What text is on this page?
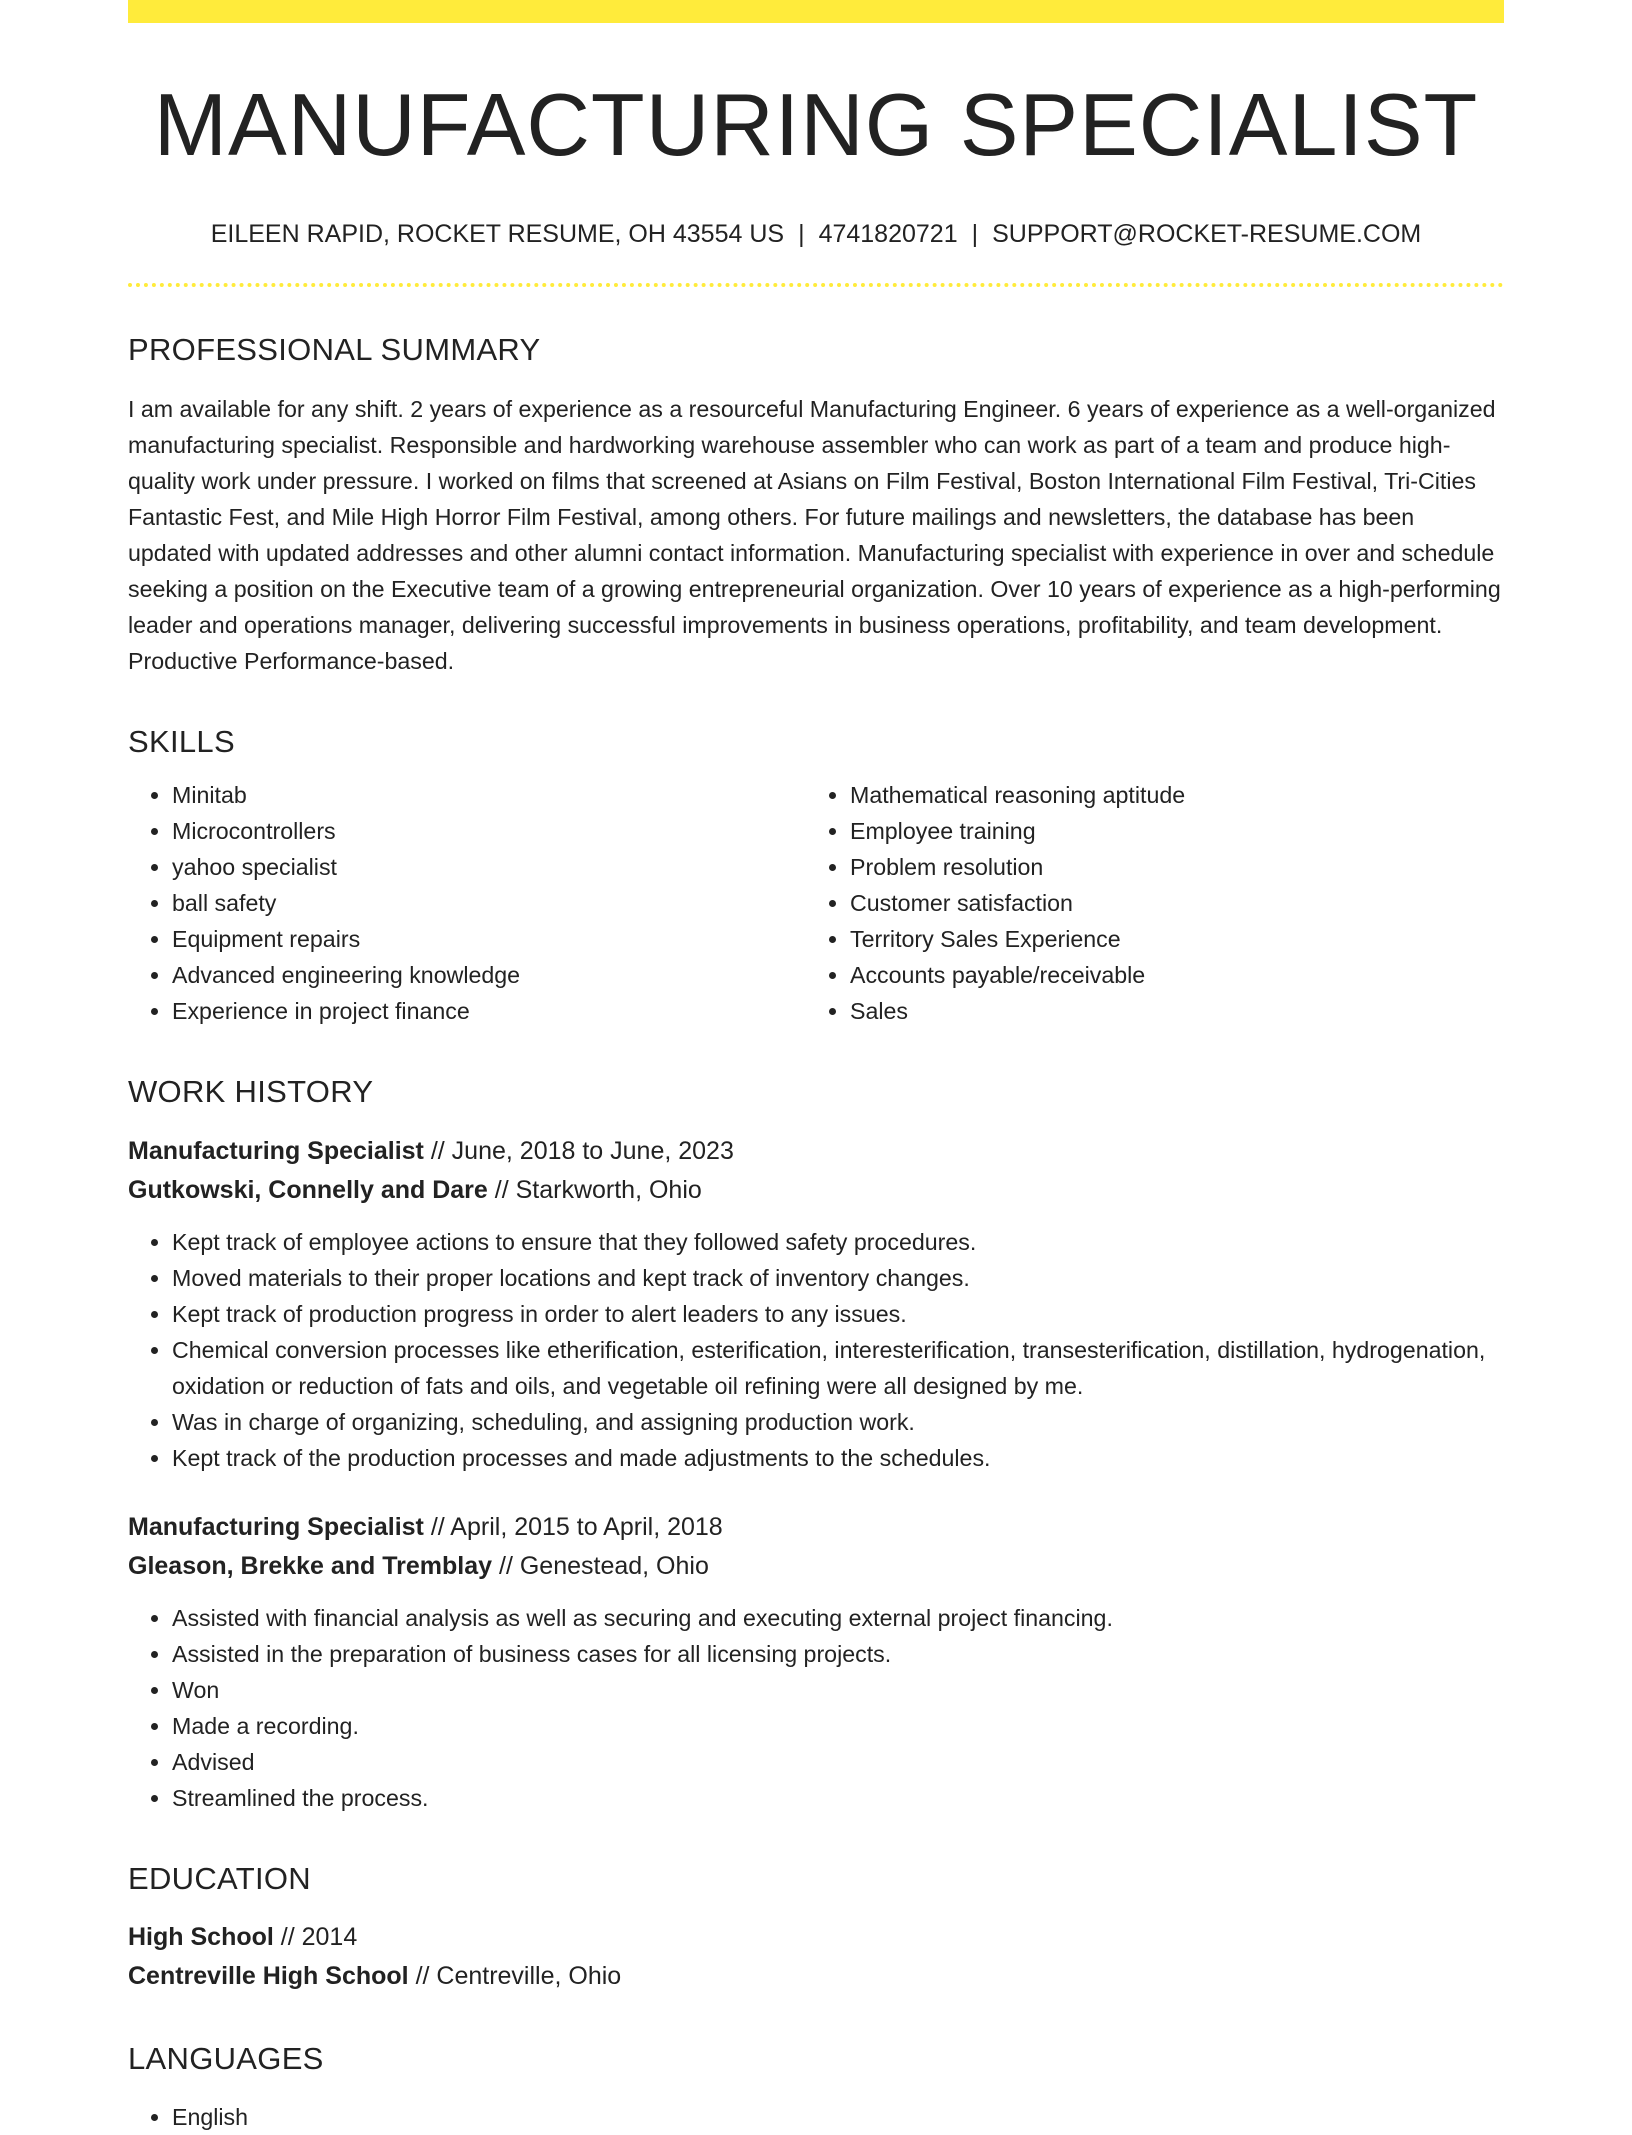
MANUFACTURING SPECIALIST
EILEEN RAPID, ROCKET RESUME, OH 43554 US | 4741820721 | SUPPORT@ROCKET-RESUME.COM
PROFESSIONAL SUMMARY
I am available for any shift. 2 years of experience as a resourceful Manufacturing Engineer. 6 years of experience as a well-organized manufacturing specialist. Responsible and hardworking warehouse assembler who can work as part of a team and produce high-quality work under pressure. I worked on films that screened at Asians on Film Festival, Boston International Film Festival, Tri-Cities Fantastic Fest, and Mile High Horror Film Festival, among others. For future mailings and newsletters, the database has been updated with updated addresses and other alumni contact information. Manufacturing specialist with experience in over and schedule seeking a position on the Executive team of a growing entrepreneurial organization. Over 10 years of experience as a high-performing leader and operations manager, delivering successful improvements in business operations, profitability, and team development. Productive Performance-based.
SKILLS
• Minitab
• Microcontrollers
• yahoo specialist
• ball safety
• Equipment repairs
• Advanced engineering knowledge
• Experience in project finance
• Mathematical reasoning aptitude
• Employee training
• Problem resolution
• Customer satisfaction
• Territory Sales Experience
• Accounts payable/receivable
• Sales
WORK HISTORY
Manufacturing Specialist // June, 2018 to June, 2023
Gutkowski, Connelly and Dare // Starkworth, Ohio
• Kept track of employee actions to ensure that they followed safety procedures.
• Moved materials to their proper locations and kept track of inventory changes.
• Kept track of production progress in order to alert leaders to any issues.
• Chemical conversion processes like etherification, esterification, interesterification, transesterification, distillation, hydrogenation, oxidation or reduction of fats and oils, and vegetable oil refining were all designed by me.
• Was in charge of organizing, scheduling, and assigning production work.
• Kept track of the production processes and made adjustments to the schedules.
Manufacturing Specialist // April, 2015 to April, 2018
Gleason, Brekke and Tremblay // Genestead, Ohio
• Assisted with financial analysis as well as securing and executing external project financing.
• Assisted in the preparation of business cases for all licensing projects.
• Won
• Made a recording.
• Advised
• Streamlined the process.
EDUCATION
High School // 2014
Centreville High School // Centreville, Ohio
LANGUAGES
• English
